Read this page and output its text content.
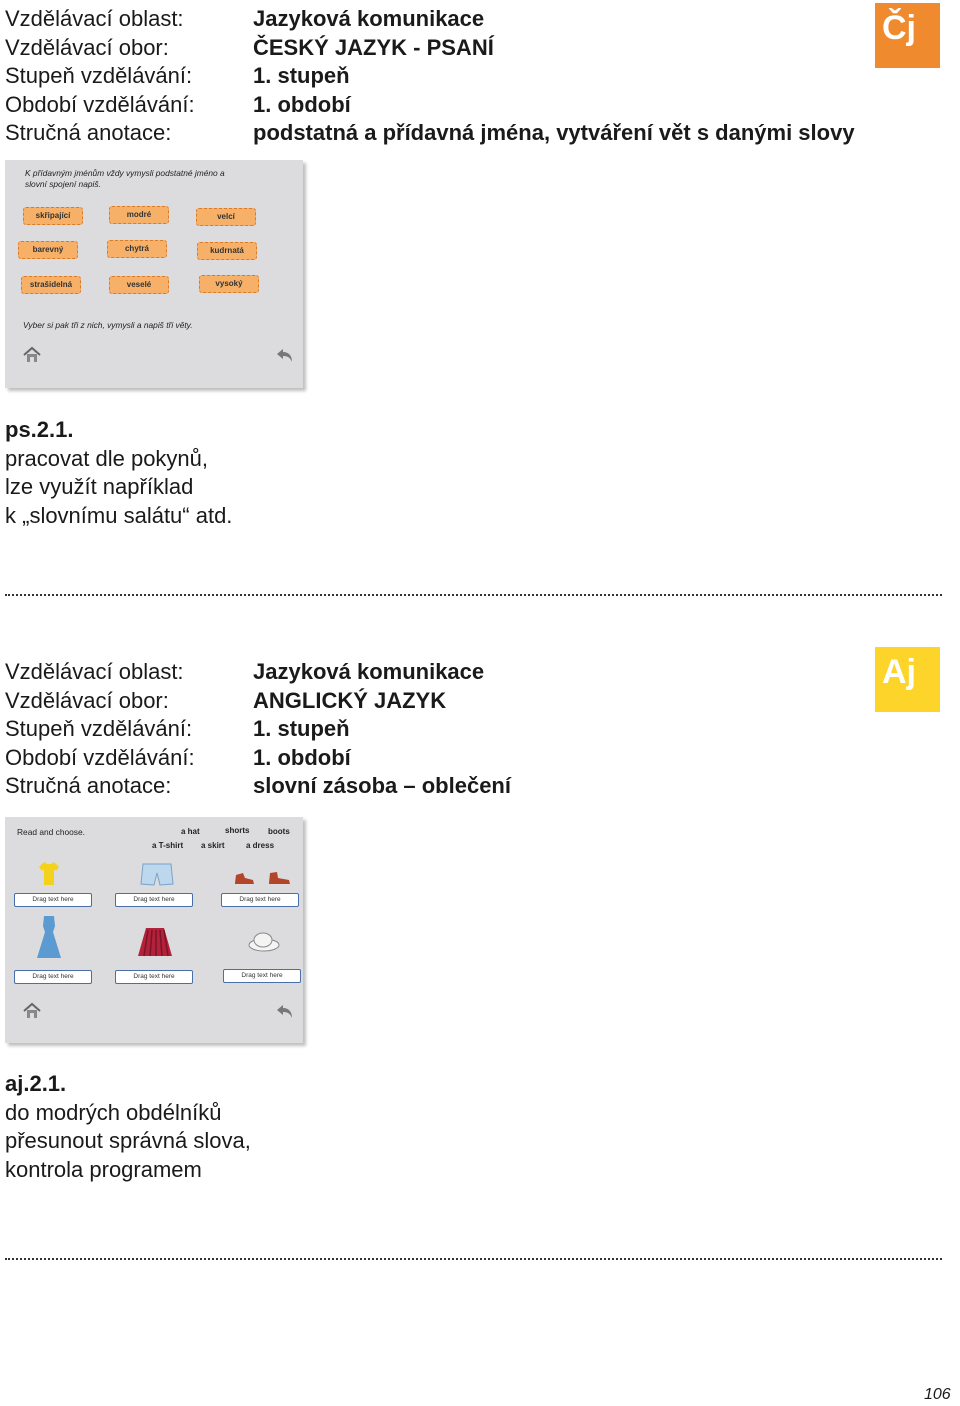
Vzdělávací oblast:	Jazyková komunikace
Vzdělávací obor:	ČESKÝ JAZYK - PSANÍ
Stupeň vzdělávání:	1. stupeň
Období vzdělávání:	1. období
Stručná anotace:	podstatná a přídavná jména, vytváření vět s danými slovy
Čj
K přídavným jménům vždy vymysli podstatné jméno a
slovní spojení napiš.
skřipající	modré	velcí
barevný	chytrá	kudrnatá
strašidelná	veselé	vysoký
Vyber si pak tři z nich, vymysli a napiš tři věty.
ps.2.1.
pracovat dle pokynů,
lze využít například
k „slovnímu salátu“ atd.
Vzdělávací oblast:	Jazyková komunikace
Vzdělávací obor:	ANGLICKÝ JAZYK
Stupeň vzdělávání:	1. stupeň
Období vzdělávání:	1. období
Stručná anotace:	slovní zásoba – oblečení
Aj
Read and choose.	a hat	shorts boots
a T-shirt a skirt	a dress
Drag text here	Drag text here	Drag text here
Drag text here	Drag text here	Drag text here
aj.2.1.
do modrých obdélníků
přesunout správná slova,
kontrola programem
106
